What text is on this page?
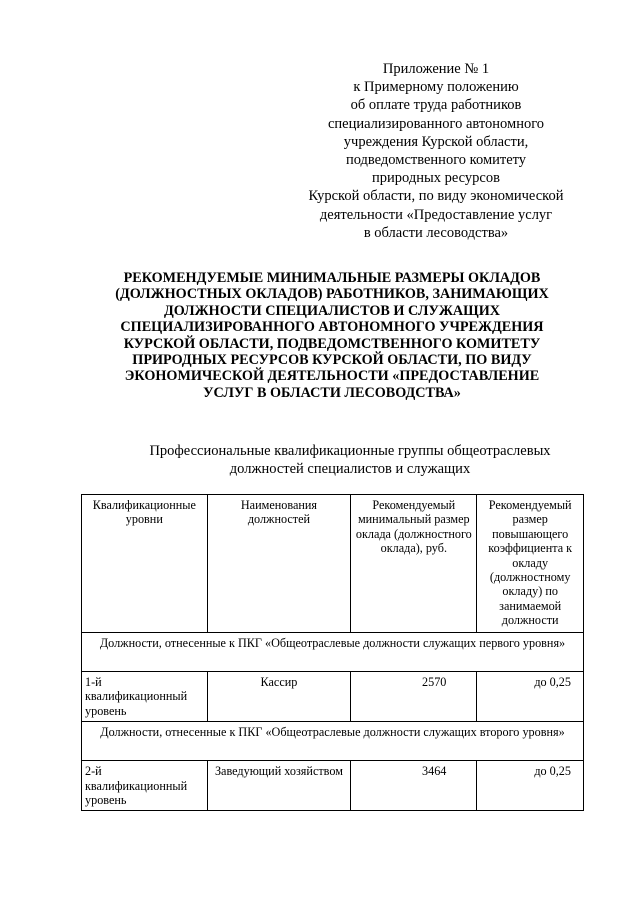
Приложение № 1
к Примерному положению
об оплате труда работников
специализированного автономного
учреждения Курской области,
подведомственного комитету
природных ресурсов
Курской области, по виду экономической
деятельности «Предоставление услуг
в области лесоводства»
РЕКОМЕНДУЕМЫЕ МИНИМАЛЬНЫЕ РАЗМЕРЫ ОКЛАДОВ
(ДОЛЖНОСТНЫХ ОКЛАДОВ) РАБОТНИКОВ, ЗАНИМАЮЩИХ
ДОЛЖНОСТИ СПЕЦИАЛИСТОВ И СЛУЖАЩИХ
СПЕЦИАЛИЗИРОВАННОГО АВТОНОМНОГО УЧРЕЖДЕНИЯ
КУРСКОЙ ОБЛАСТИ, ПОДВЕДОМСТВЕННОГО КОМИТЕТУ
ПРИРОДНЫХ РЕСУРСОВ КУРСКОЙ ОБЛАСТИ, ПО ВИДУ
ЭКОНОМИЧЕСКОЙ ДЕЯТЕЛЬНОСТИ «ПРЕДОСТАВЛЕНИЕ
УСЛУГ В ОБЛАСТИ ЛЕСОВОДСТВА»
Профессиональные квалификационные группы общеотраслевых должностей специалистов и служащих
Квалификационные уровни	Наименования должностей	Рекомендуемый минимальный размер оклада (должностного оклада), руб.	Рекомендуемый размер повышающего коэффициента к окладу (должностному окладу) по занимаемой должности
Должности, отнесенные к ПКГ «Общеотраслевые должности служащих первого уровня»			
1-й квалификационный уровень	Кассир	2570	до 0,25
Должности, отнесенные к ПКГ «Общеотраслевые должности служащих второго уровня»			
2-й квалификационный уровень	Заведующий хозяйством	3464	до 0,25
